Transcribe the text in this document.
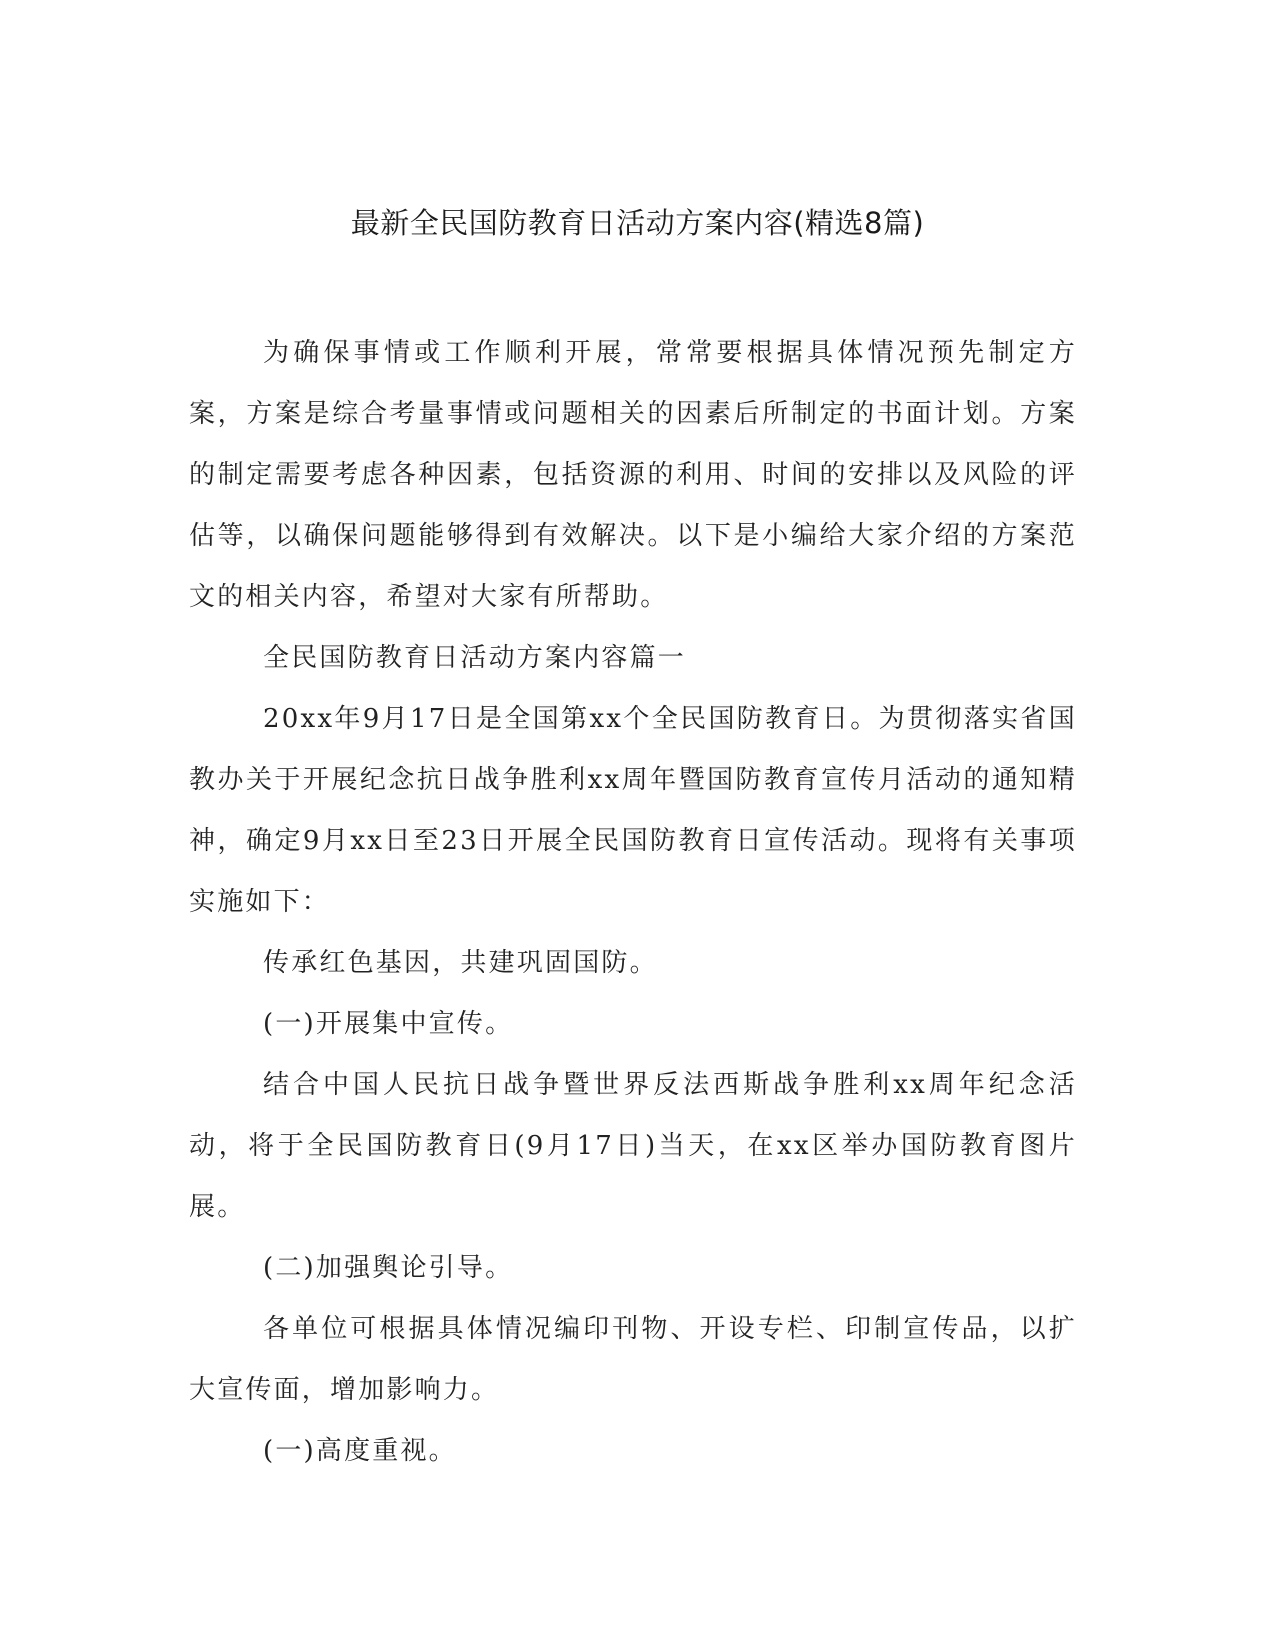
最新全民国防教育日活动方案内容(精选8篇)

为确保事情或工作顺利开展，常常要根据具体情况预先制定方案，方案是综合考量事情或问题相关的因素后所制定的书面计划。方案的制定需要考虑各种因素，包括资源的利用、时间的安排以及风险的评估等，以确保问题能够得到有效解决。以下是小编给大家介绍的方案范文的相关内容，希望对大家有所帮助。

全民国防教育日活动方案内容篇一

20xx年9月17日是全国第xx个全民国防教育日。为贯彻落实省国教办关于开展纪念抗日战争胜利xx周年暨国防教育宣传月活动的通知精神，确定9月xx日至23日开展全民国防教育日宣传活动。现将有关事项实施如下：

传承红色基因，共建巩固国防。

(一)开展集中宣传。

结合中国人民抗日战争暨世界反法西斯战争胜利xx周年纪念活动，将于全民国防教育日(9月17日)当天，在xx区举办国防教育图片展。

(二)加强舆论引导。

各单位可根据具体情况编印刊物、开设专栏、印制宣传品，以扩大宣传面，增加影响力。

(一)高度重视。
